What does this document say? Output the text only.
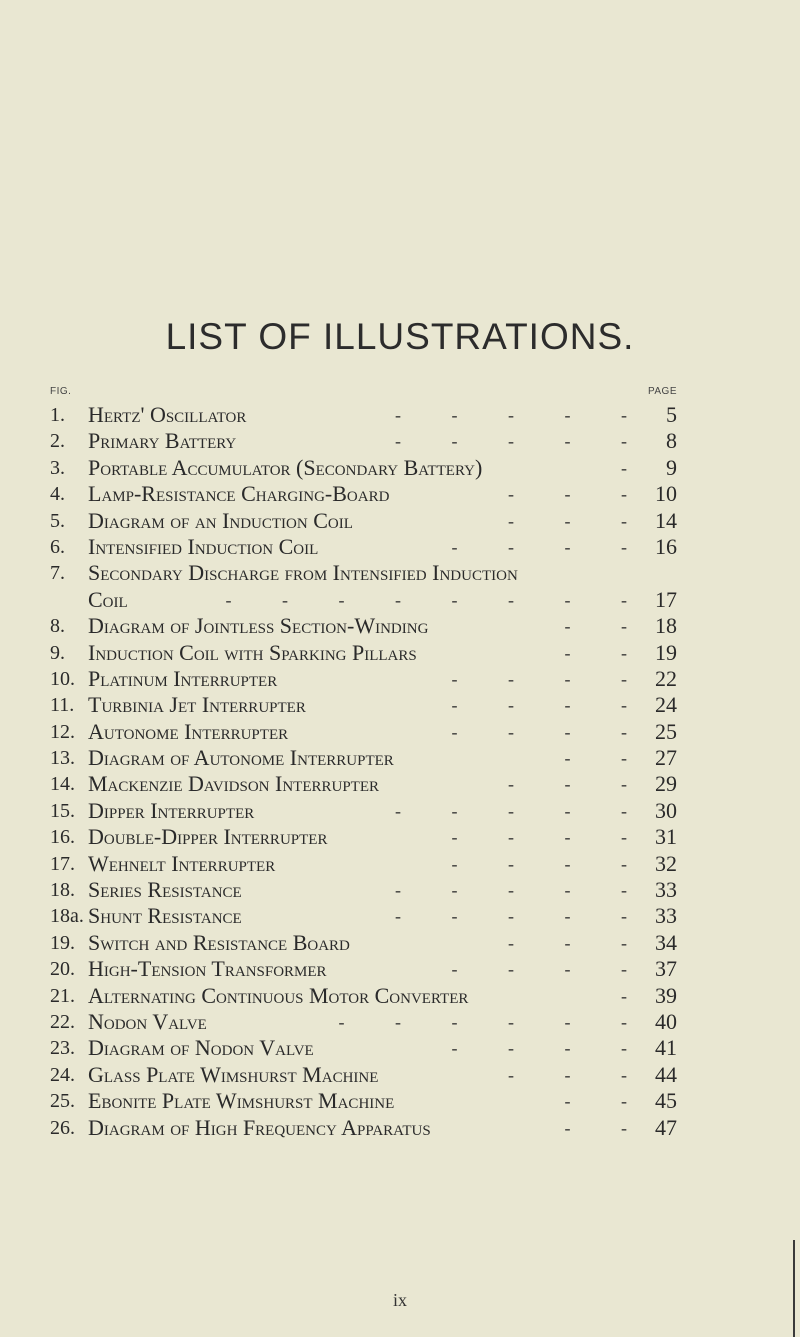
LIST OF ILLUSTRATIONS.
FIG.	PAGE
1.	Hertz' Oscillator	- - - - - 5
2.	Primary Battery	- - - - - 8
3.	Portable Accumulator (Secondary Battery)	- 9
4.	Lamp-Resistance Charging-Board	- - - 10
5.	Diagram of an Induction Coil	- - - 14
6.	Intensified Induction Coil	- - - - 16
7.	Secondary Discharge from Intensified Induction
Coil	- - - - - - - - 17
8.	Diagram of Jointless Section-Winding	- - 18
9.	Induction Coil with Sparking Pillars	- - 19
10. Platinum Interrupter	- - - - 22
11. Turbinia Jet Interrupter	- - - - 24
12. Autonome Interrupter	- - - - 25
13. Diagram of Autonome Interrupter	- - 27
14. Mackenzie Davidson Interrupter	- - - 29
15. Dipper Interrupter	- - - - - 30
16. Double-Dipper Interrupter	- - - - 31
17. Wehnelt Interrupter	- - - - 32
18. Series Resistance	- - - - - 33
18a. Shunt Resistance	- - - - - 33
19. Switch and Resistance Board	- - - 34
20. High-Tension Transformer	- - - - 37
21. Alternating Continuous Motor Converter	- 39
22. Nodon Valve	- - - - - - 40
23. Diagram of Nodon Valve	- - - - 41
24. Glass Plate Wimshurst Machine	- - - 44
25. Ebonite Plate Wimshurst Machine	- - 45
26. Diagram of High Frequency Apparatus	- - 47
ix
